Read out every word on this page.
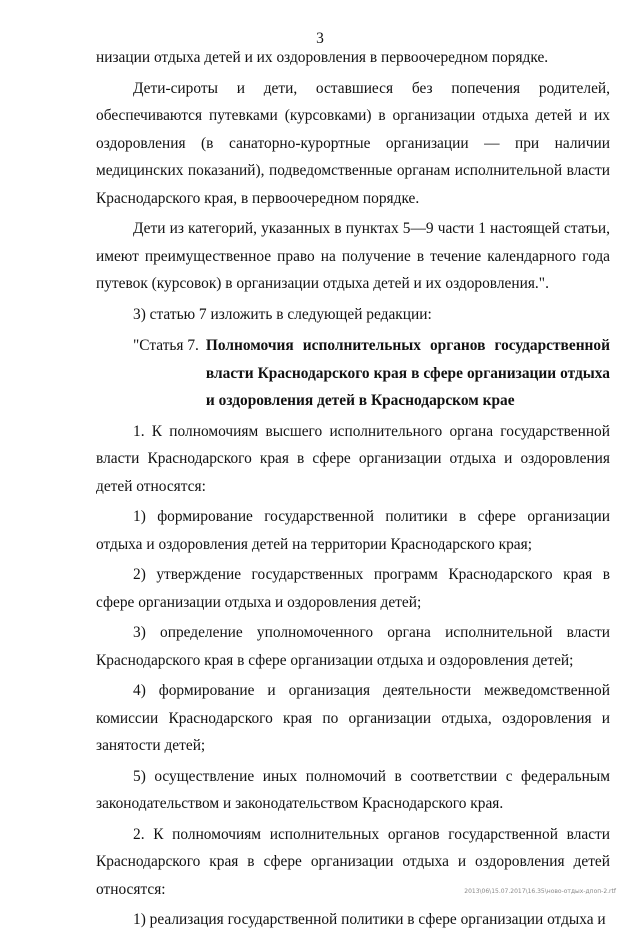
3

низации отдыха детей и их оздоровления в первоочередном порядке.

Дети-сироты и дети, оставшиеся без попечения родителей, обеспечиваются путевками (курсовками) в организации отдыха детей и их оздоровления (в санаторно-курортные организации — при наличии медицинских показаний), подведомственные органам исполнительной власти Краснодарского края, в первоочередном порядке.

Дети из категорий, указанных в пунктах 5—9 части 1 настоящей статьи, имеют преимущественное право на получение в течение календарного года путевок (курсовок) в организации отдыха детей и их оздоровления.".

3) статью 7 изложить в следующей редакции:

"Статья 7. Полномочия исполнительных органов государственной власти Краснодарского края в сфере организации отдыха и оздоровления детей в Краснодарском крае

1. К полномочиям высшего исполнительного органа государственной власти Краснодарского края в сфере организации отдыха и оздоровления детей относятся:

1) формирование государственной политики в сфере организации отдыха и оздоровления детей на территории Краснодарского края;

2) утверждение государственных программ Краснодарского края в сфере организации отдыха и оздоровления детей;

3) определение уполномоченного органа исполнительной власти Краснодарского края в сфере организации отдыха и оздоровления детей;

4) формирование и организация деятельности межведомственной комиссии Краснодарского края по организации отдыха, оздоровления и занятости детей;

5) осуществление иных полномочий в соответствии с федеральным законодательством и законодательством Краснодарского края.

2. К полномочиям исполнительных органов государственной власти Краснодарского края в сфере организации отдыха и оздоровления детей относятся:

1) реализация государственной политики в сфере организации отдыха и

2013\06\15.07.2017\16.35\ново-отдых-дпоп-2.rtf
